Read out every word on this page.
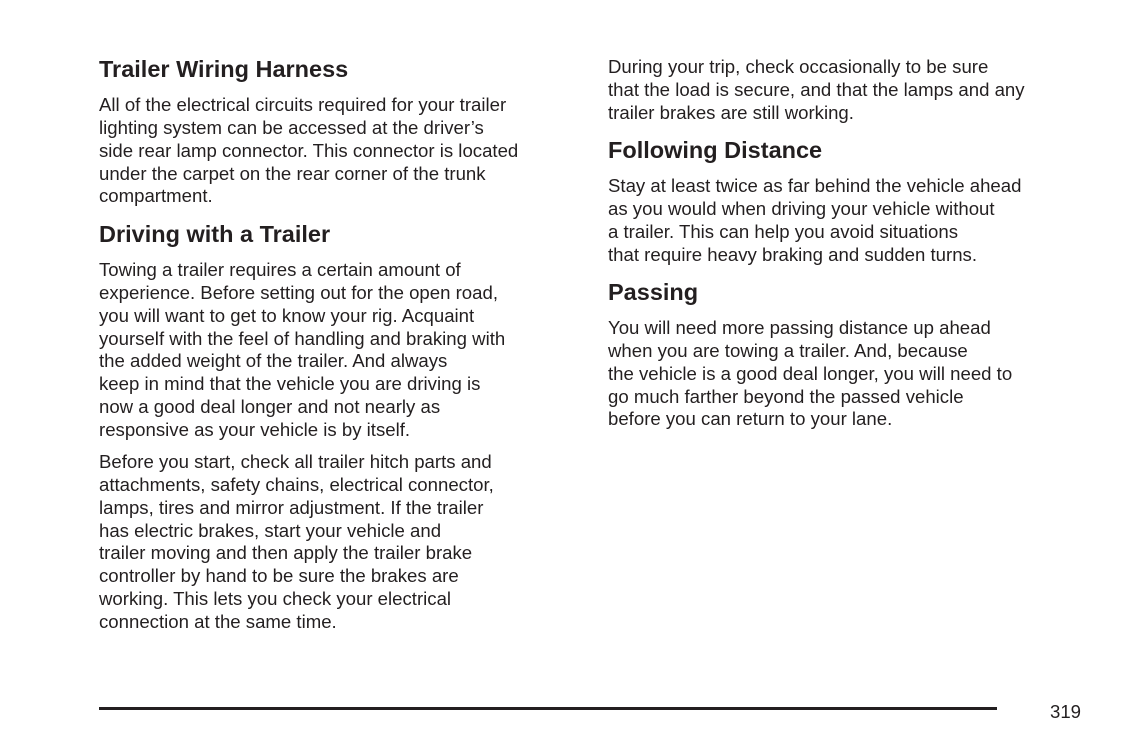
Trailer Wiring Harness
All of the electrical circuits required for your trailer
lighting system can be accessed at the driver’s
side rear lamp connector. This connector is located
under the carpet on the rear corner of the trunk
compartment.
Driving with a Trailer
Towing a trailer requires a certain amount of
experience. Before setting out for the open road,
you will want to get to know your rig. Acquaint
yourself with the feel of handling and braking with
the added weight of the trailer. And always
keep in mind that the vehicle you are driving is
now a good deal longer and not nearly as
responsive as your vehicle is by itself.
Before you start, check all trailer hitch parts and
attachments, safety chains, electrical connector,
lamps, tires and mirror adjustment. If the trailer
has electric brakes, start your vehicle and
trailer moving and then apply the trailer brake
controller by hand to be sure the brakes are
working. This lets you check your electrical
connection at the same time.
During your trip, check occasionally to be sure
that the load is secure, and that the lamps and any
trailer brakes are still working.
Following Distance
Stay at least twice as far behind the vehicle ahead
as you would when driving your vehicle without
a trailer. This can help you avoid situations
that require heavy braking and sudden turns.
Passing
You will need more passing distance up ahead
when you are towing a trailer. And, because
the vehicle is a good deal longer, you will need to
go much farther beyond the passed vehicle
before you can return to your lane.
319
